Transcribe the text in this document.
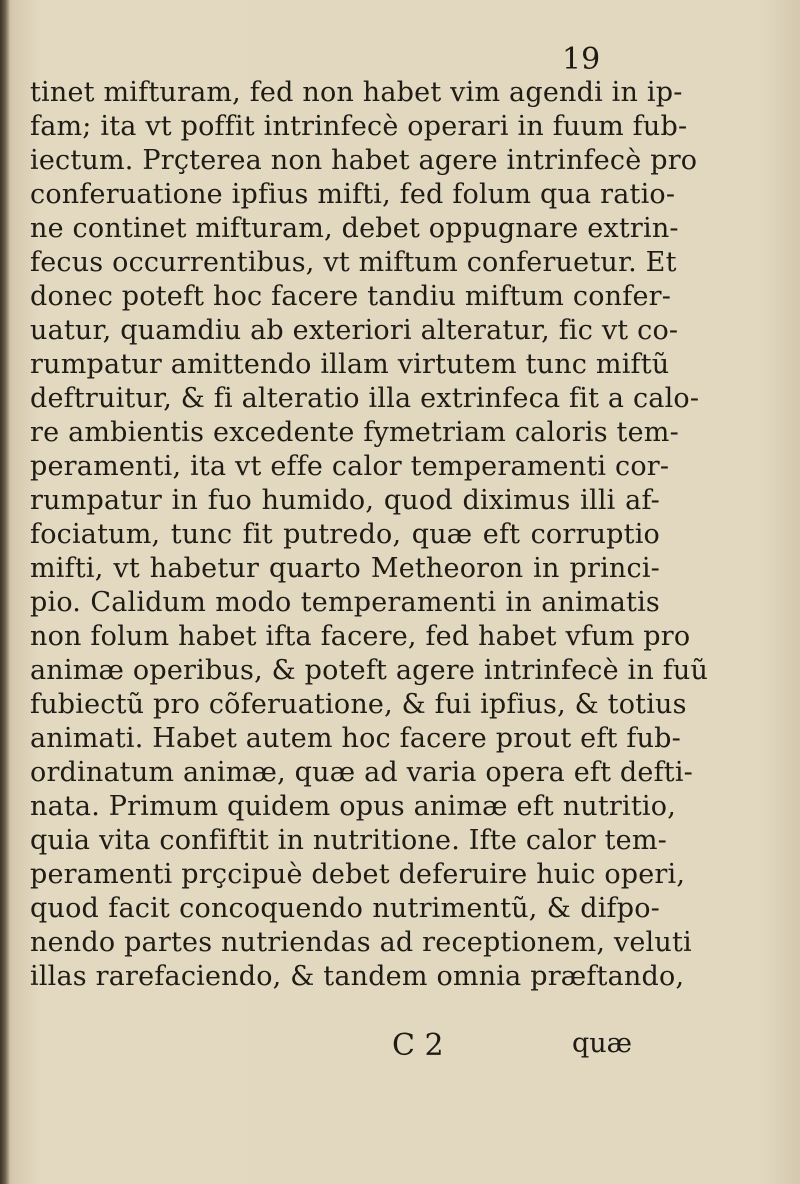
19
tinet mifturam, fed non habet vim agendi in ip-
fam; ita vt poffit intrinfecè operari in fuum fub-
iectum. Prçterea non habet agere intrinfecè pro
conferuatione ipfius mifti, fed folum qua ratio-
ne continet mifturam, debet oppugnare extrin-
fecus occurrentibus, vt miftum conferuetur. Et
donec poteft hoc facere tandiu miftum confer-
uatur, quamdiu ab exteriori alteratur, fic vt co-
rumpatur amittendo illam virtutem tunc miftũ
deftruitur, & fi alteratio illa extrinfeca fit a calo-
re ambientis excedente fymetriam caloris tem-
peramenti, ita vt effe calor temperamenti cor-
rumpatur in fuo humido, quod diximus illi af-
fociatum, tunc fit putredo, quæ eft corruptio
mifti, vt habetur quarto Metheoron in princi-
pio. Calidum modo temperamenti in animatis
non folum habet ifta facere, fed habet vfum pro
animæ operibus, & poteft agere intrinfecè in fuũ
fubiectũ pro cõferuatione, & fui ipfius, & totius
animati. Habet autem hoc facere prout eft fub-
ordinatum animæ, quæ ad varia opera eft defti-
nata. Primum quidem opus animæ eft nutritio,
quia vita confiftit in nutritione. Ifte calor tem-
peramenti prçcipuè debet deferuire huic operi,
quod facit concoquendo nutrimentũ, & difpo-
nendo partes nutriendas ad receptionem, veluti
illas rarefaciendo, & tandem omnia præftando,
C 2	quæ
